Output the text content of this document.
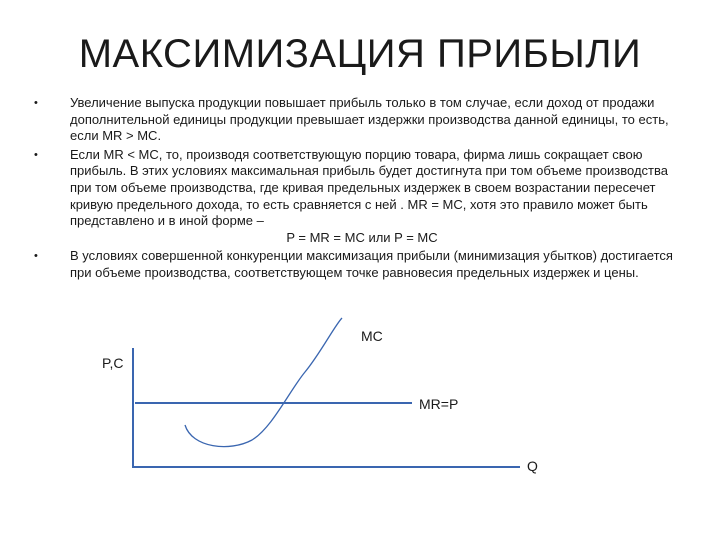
МАКСИМИЗАЦИЯ ПРИБЫЛИ
•	Увеличение выпуска продукции повышает прибыль только в том случае, если доход от продажи дополнительной единицы продукции превышает издержки производства данной единицы, то есть, если MR > MC.
•	Если MR < MC, то, производя соответствующую порцию товара, фирма лишь сокращает свою прибыль. В этих условиях максимальная прибыль будет достигнута при том объеме производства при том объеме производства, где кривая предельных издержек в своем возрастании пересечет кривую предельного дохода, то есть сравняется с ней . MR = MC, хотя это правило может быть представлено и в иной форме –
P = MR = MC или P = MC
•	В условиях совершенной конкуренции максимизация прибыли (минимизация убытков) достигается при объеме производства, соответствующем точке равновесия предельных издержек и цены.
MC
P,C
MR=P
Q
